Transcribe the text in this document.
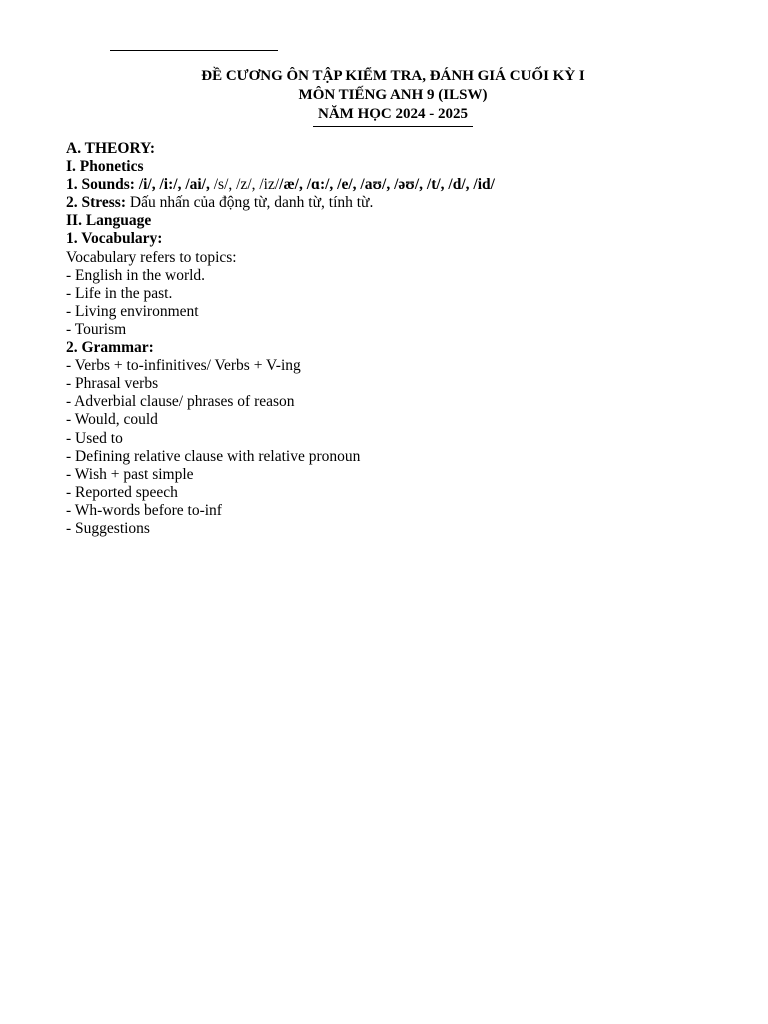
ĐỀ CƯƠNG ÔN TẬP KIỂM TRA, ĐÁNH GIÁ CUỐI KỲ I
MÔN TIẾNG ANH 9 (ILSW)
NĂM HỌC 2024 - 2025
A. THEORY:
I. Phonetics
1. Sounds: /i/, /i:/, /ai/, /s/, /z/, /iz//æ/, /ɑ:/, /e/, /aʊ/, /əʊ/, /t/, /d/, /id/
2. Stress: Dấu nhấn của động từ, danh từ, tính từ.
II. Language
1. Vocabulary:
Vocabulary refers to topics:
- English in the world.
- Life in the past.
- Living environment
- Tourism
2. Grammar:
- Verbs + to-infinitives/ Verbs + V-ing
- Phrasal verbs
- Adverbial clause/ phrases of reason
- Would, could
- Used to
- Defining relative clause with relative pronoun
- Wish + past simple
- Reported speech
- Wh-words before to-inf
- Suggestions
